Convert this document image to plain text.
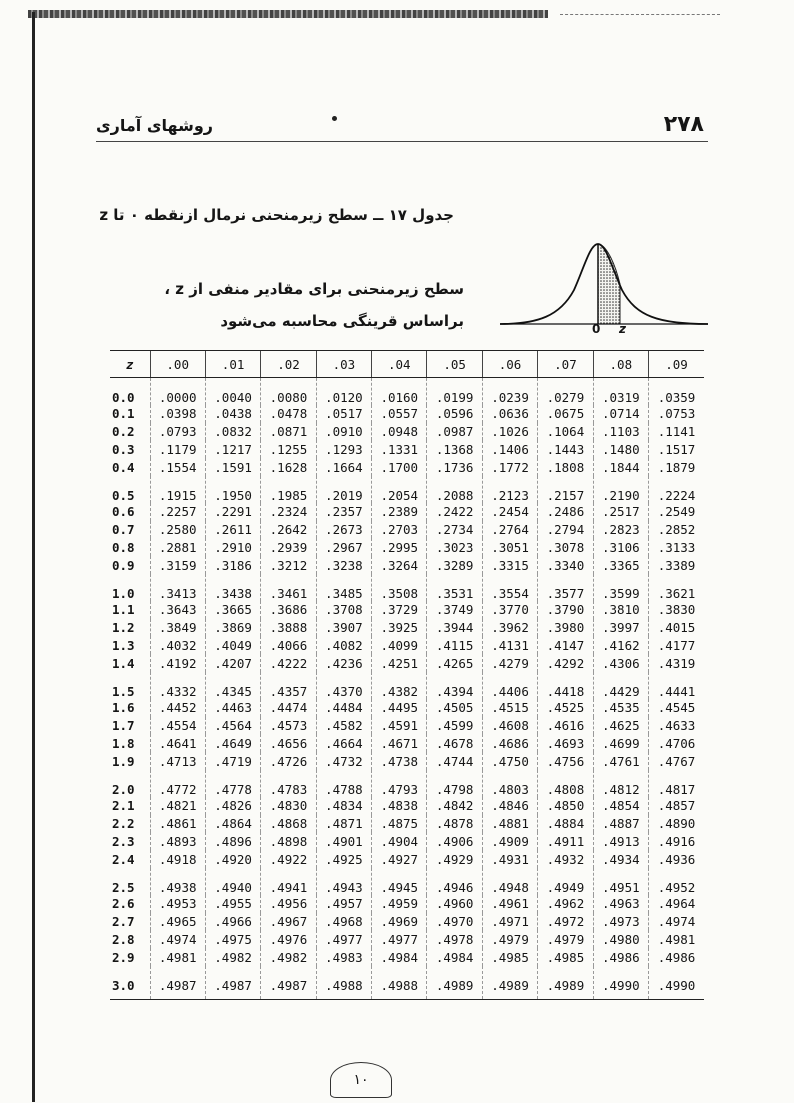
۲۷۸
روشهای آماری
جدول ۱۷ ــ سطح زیرمنحنی نرمال ازنقطه ۰ تا z
سطح زیرمنحنی برای مقادیر منفی از z ،
براساس قرینگی محاسبه می‌شود	0 z
z	.00	.01	.02	.03	.04	.05	.06	.07	.08	.09
0.0	.0000	.0040	.0080	.0120	.0160	.0199	.0239	.0279	.0319	.0359
0.1	.0398	.0438	.0478	.0517	.0557	.0596	.0636	.0675	.0714	.0753
0.2	.0793	.0832	.0871	.0910	.0948	.0987	.1026	.1064	.1103	.1141
0.3	.1179	.1217	.1255	.1293	.1331	.1368	.1406	.1443	.1480	.1517
0.4	.1554	.1591	.1628	.1664	.1700	.1736	.1772	.1808	.1844	.1879
0.5	.1915	.1950	.1985	.2019	.2054	.2088	.2123	.2157	.2190	.2224
0.6	.2257	.2291	.2324	.2357	.2389	.2422	.2454	.2486	.2517	.2549
0.7	.2580	.2611	.2642	.2673	.2703	.2734	.2764	.2794	.2823	.2852
0.8	.2881	.2910	.2939	.2967	.2995	.3023	.3051	.3078	.3106	.3133
0.9	.3159	.3186	.3212	.3238	.3264	.3289	.3315	.3340	.3365	.3389
1.0	.3413	.3438	.3461	.3485	.3508	.3531	.3554	.3577	.3599	.3621
1.1	.3643	.3665	.3686	.3708	.3729	.3749	.3770	.3790	.3810	.3830
1.2	.3849	.3869	.3888	.3907	.3925	.3944	.3962	.3980	.3997	.4015
1.3	.4032	.4049	.4066	.4082	.4099	.4115	.4131	.4147	.4162	.4177
1.4	.4192	.4207	.4222	.4236	.4251	.4265	.4279	.4292	.4306	.4319
1.5	.4332	.4345	.4357	.4370	.4382	.4394	.4406	.4418	.4429	.4441
1.6	.4452	.4463	.4474	.4484	.4495	.4505	.4515	.4525	.4535	.4545
1.7	.4554	.4564	.4573	.4582	.4591	.4599	.4608	.4616	.4625	.4633
1.8	.4641	.4649	.4656	.4664	.4671	.4678	.4686	.4693	.4699	.4706
1.9	.4713	.4719	.4726	.4732	.4738	.4744	.4750	.4756	.4761	.4767
2.0	.4772	.4778	.4783	.4788	.4793	.4798	.4803	.4808	.4812	.4817
2.1	.4821	.4826	.4830	.4834	.4838	.4842	.4846	.4850	.4854	.4857
2.2	.4861	.4864	.4868	.4871	.4875	.4878	.4881	.4884	.4887	.4890
2.3	.4893	.4896	.4898	.4901	.4904	.4906	.4909	.4911	.4913	.4916
2.4	.4918	.4920	.4922	.4925	.4927	.4929	.4931	.4932	.4934	.4936
2.5	.4938	.4940	.4941	.4943	.4945	.4946	.4948	.4949	.4951	.4952
2.6	.4953	.4955	.4956	.4957	.4959	.4960	.4961	.4962	.4963	.4964
2.7	.4965	.4966	.4967	.4968	.4969	.4970	.4971	.4972	.4973	.4974
2.8	.4974	.4975	.4976	.4977	.4977	.4978	.4979	.4979	.4980	.4981
2.9	.4981	.4982	.4982	.4983	.4984	.4984	.4985	.4985	.4986	.4986
3.0	.4987	.4987	.4987	.4988	.4988	.4989	.4989	.4989	.4990	.4990
۱۰
